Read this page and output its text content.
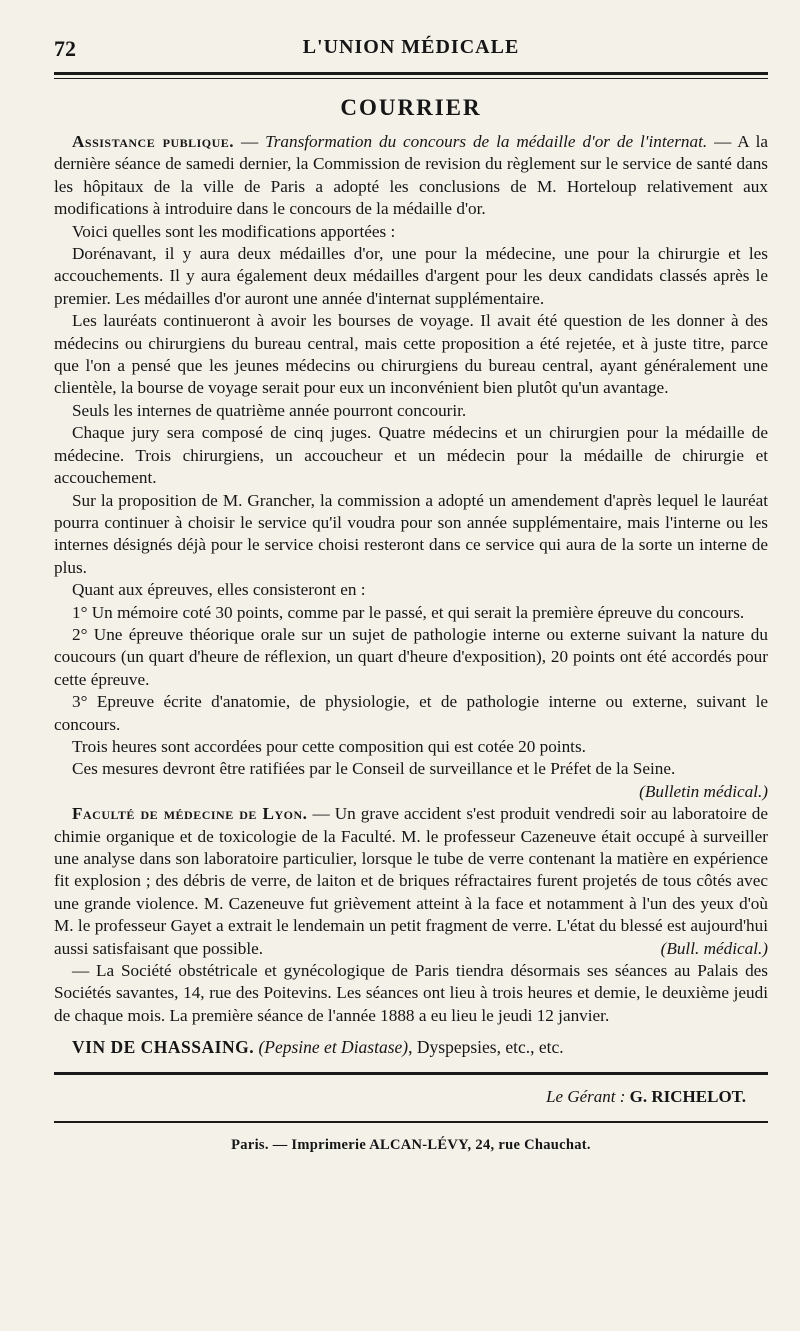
72	L'UNION MÉDICALE
COURRIER

Assistance publique. — Transformation du concours de la médaille d'or de l'internat. — A la dernière séance de samedi dernier, la Commission de revision du règlement sur le service de santé dans les hôpitaux de la ville de Paris a adopté les conclusions de M. Horteloup relativement aux modifications à introduire dans le concours de la médaille d'or.

Voici quelles sont les modifications apportées :

Dorénavant, il y aura deux médailles d'or, une pour la médecine, une pour la chirurgie et les accouchements. Il y aura également deux médailles d'argent pour les deux candidats classés après le premier. Les médailles d'or auront une année d'internat supplémentaire.

Les lauréats continueront à avoir les bourses de voyage. Il avait été question de les donner à des médecins ou chirurgiens du bureau central, mais cette proposition a été rejetée, et à juste titre, parce que l'on a pensé que les jeunes médecins ou chirurgiens du bureau central, ayant généralement une clientèle, la bourse de voyage serait pour eux un inconvénient bien plutôt qu'un avantage.

Seuls les internes de quatrième année pourront concourir.

Chaque jury sera composé de cinq juges. Quatre médecins et un chirurgien pour la médaille de médecine. Trois chirurgiens, un accoucheur et un médecin pour la médaille de chirurgie et accouchement.

Sur la proposition de M. Grancher, la commission a adopté un amendement d'après lequel le lauréat pourra continuer à choisir le service qu'il voudra pour son année supplémentaire, mais l'interne ou les internes désignés déjà pour le service choisi resteront dans ce service qui aura de la sorte un interne de plus.

Quant aux épreuves, elles consisteront en :

1° Un mémoire coté 30 points, comme par le passé, et qui serait la première épreuve du concours.

2° Une épreuve théorique orale sur un sujet de pathologie interne ou externe suivant la nature du coucours (un quart d'heure de réflexion, un quart d'heure d'exposition), 20 points ont été accordés pour cette épreuve.

3° Epreuve écrite d'anatomie, de physiologie, et de pathologie interne ou externe, suivant le concours.

Trois heures sont accordées pour cette composition qui est cotée 20 points.

Ces mesures devront être ratifiées par le Conseil de surveillance et le Préfet de la Seine.
(Bulletin médical.)

Faculté de médecine de Lyon. — Un grave accident s'est produit vendredi soir au laboratoire de chimie organique et de toxicologie de la Faculté. M. le professeur Cazeneuve était occupé à surveiller une analyse dans son laboratoire particulier, lorsque le tube de verre contenant la matière en expérience fit explosion ; des débris de verre, de laiton et de briques réfractaires furent projetés de tous côtés avec une grande violence. M. Cazeneuve fut grièvement atteint à la face et notamment à l'un des yeux d'où M. le professeur Gayet a extrait le lendemain un petit fragment de verre. L'état du blessé est aujourd'hui aussi satisfaisant que possible.	(Bull. médical.)

— La Société obstétricale et gynécologique de Paris tiendra désormais ses séances au Palais des Sociétés savantes, 14, rue des Poitevins. Les séances ont lieu à trois heures et demie, le deuxième jeudi de chaque mois. La première séance de l'année 1888 a eu lieu le jeudi 12 janvier.

VIN DE CHASSAING. (Pepsine et Diastase), Dyspepsies, etc., etc.
Le Gérant : G. RICHELOT.
Paris. — Imprimerie ALCAN-LÉVY, 24, rue Chauchat.
